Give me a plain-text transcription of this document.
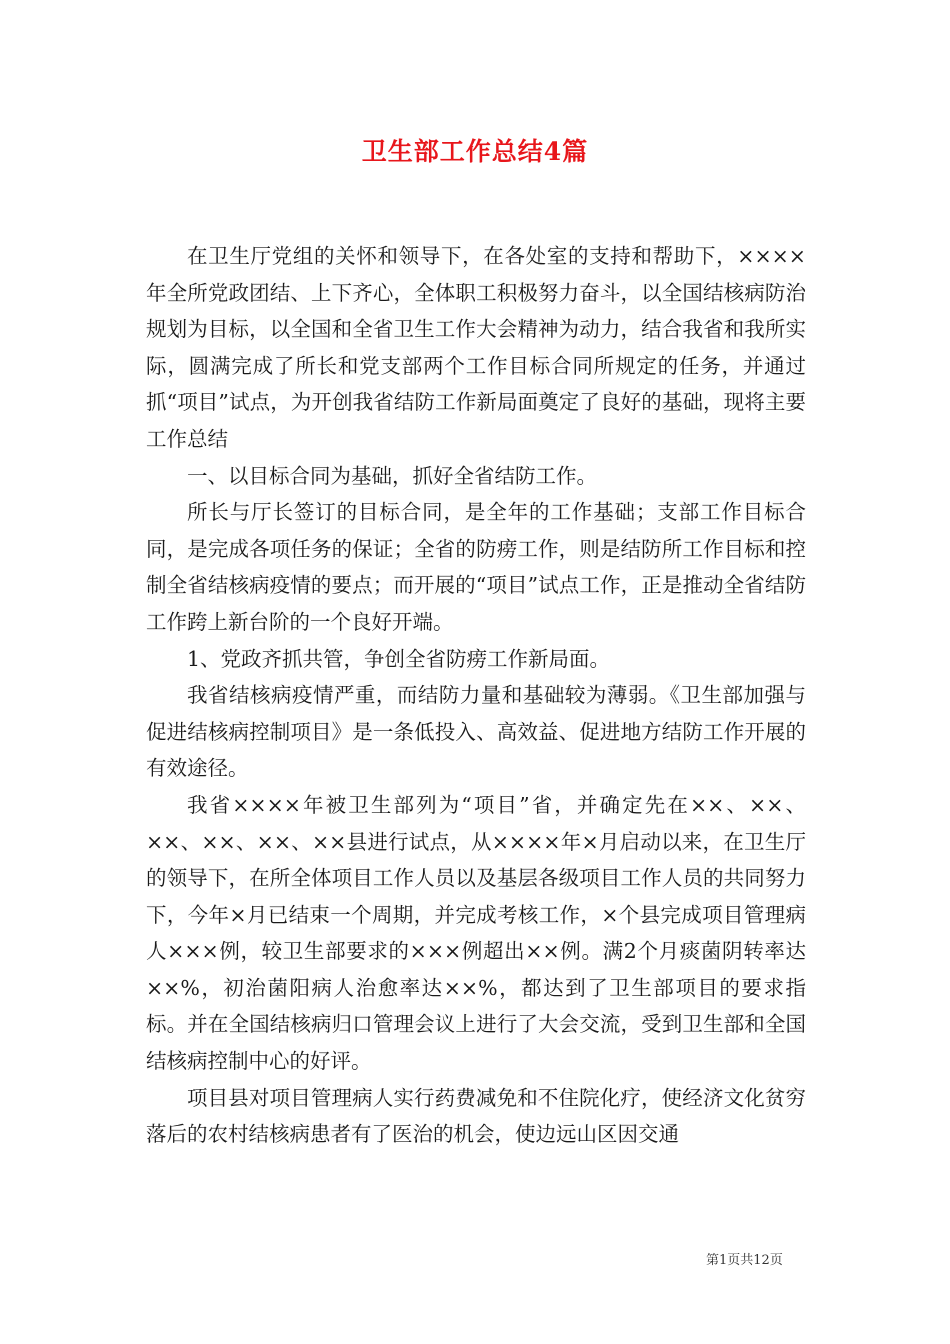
卫生部工作总结4篇

在卫生厅党组的关怀和领导下，在各处室的支持和帮助下，××××年全所党政团结、上下齐心，全体职工积极努力奋斗，以全国结核病防治规划为目标，以全国和全省卫生工作大会精神为动力，结合我省和我所实际，圆满完成了所长和党支部两个工作目标合同所规定的任务，并通过抓“项目”试点，为开创我省结防工作新局面奠定了良好的基础，现将主要工作总结

一、以目标合同为基础，抓好全省结防工作。

所长与厅长签订的目标合同，是全年的工作基础；支部工作目标合同，是完成各项任务的保证；全省的防痨工作，则是结防所工作目标和控制全省结核病疫情的要点；而开展的“项目”试点工作，正是推动全省结防工作跨上新台阶的一个良好开端。

1、党政齐抓共管，争创全省防痨工作新局面。

我省结核病疫情严重，而结防力量和基础较为薄弱。《卫生部加强与促进结核病控制项目》是一条低投入、高效益、促进地方结防工作开展的有效途径。

我省××××年被卫生部列为“项目”省，并确定先在××、××、××、××、××、××县进行试点，从××××年×月启动以来，在卫生厅的领导下，在所全体项目工作人员以及基层各级项目工作人员的共同努力下，今年×月已结束一个周期，并完成考核工作，×个县完成项目管理病人×××例，较卫生部要求的×××例超出××例。满2个月痰菌阴转率达××%，初治菌阳病人治愈率达××%，都达到了卫生部项目的要求指标。并在全国结核病归口管理会议上进行了大会交流，受到卫生部和全国结核病控制中心的好评。

项目县对项目管理病人实行药费减免和不住院化疗，使经济文化贫穷落后的农村结核病患者有了医治的机会，使边远山区因交通

第1页共12页
